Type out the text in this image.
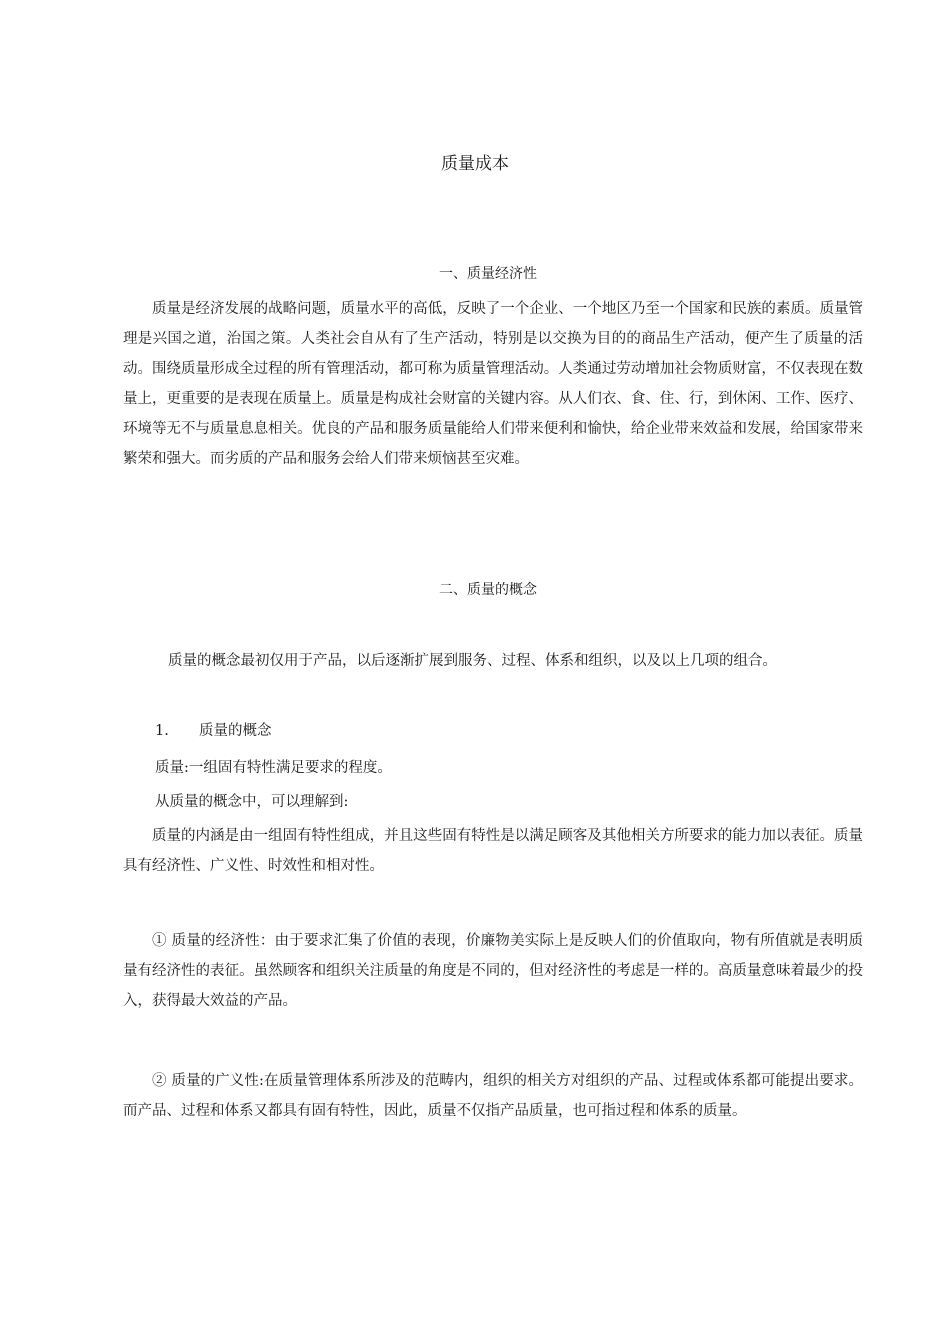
质量成本
一、质量经济性
质量是经济发展的战略问题，质量水平的高低，反映了一个企业、一个地区乃至一个国家和民族的素质。质量管理是兴国之道，治国之策。人类社会自从有了生产活动，特别是以交换为目的的商品生产活动，便产生了质量的活动。围绕质量形成全过程的所有管理活动，都可称为质量管理活动。人类通过劳动增加社会物质财富，不仅表现在数量上，更重要的是表现在质量上。质量是构成社会财富的关键内容。从人们衣、食、住、行，到休闲、工作、医疗、环境等无不与质量息息相关。优良的产品和服务质量能给人们带来便利和愉快，给企业带来效益和发展，给国家带来繁荣和强大。而劣质的产品和服务会给人们带来烦恼甚至灾难。
二、质量的概念
质量的概念最初仅用于产品，以后逐渐扩展到服务、过程、体系和组织，以及以上几项的组合。
1. 质量的概念
质量:一组固有特性满足要求的程度。
从质量的概念中，可以理解到:
质量的内涵是由一组固有特性组成，并且这些固有特性是以满足顾客及其他相关方所要求的能力加以表征。质量具有经济性、广义性、时效性和相对性。
① 质量的经济性：由于要求汇集了价值的表现，价廉物美实际上是反映人们的价值取向，物有所值就是表明质量有经济性的表征。虽然顾客和组织关注质量的角度是不同的，但对经济性的考虑是一样的。高质量意味着最少的投入，获得最大效益的产品。
② 质量的广义性:在质量管理体系所涉及的范畴内，组织的相关方对组织的产品、过程或体系都可能提出要求。而产品、过程和体系又都具有固有特性，因此，质量不仅指产品质量，也可指过程和体系的质量。
